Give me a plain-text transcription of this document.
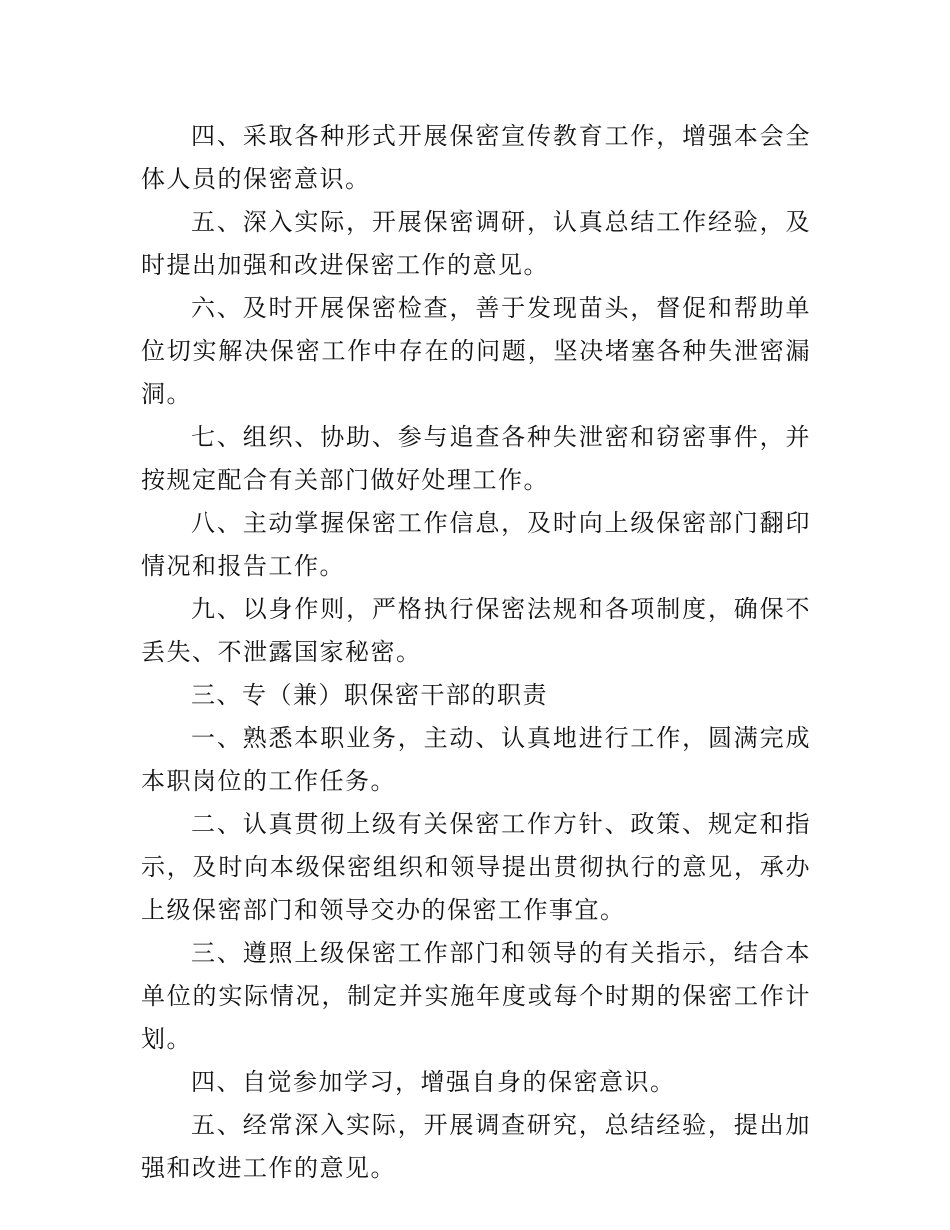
四、采取各种形式开展保密宣传教育工作，增强本会全体人员的保密意识。

五、深入实际，开展保密调研，认真总结工作经验，及时提出加强和改进保密工作的意见。

六、及时开展保密检查，善于发现苗头，督促和帮助单位切实解决保密工作中存在的问题，坚决堵塞各种失泄密漏洞。

七、组织、协助、参与追查各种失泄密和窃密事件，并按规定配合有关部门做好处理工作。

八、主动掌握保密工作信息，及时向上级保密部门翻印情况和报告工作。

九、以身作则，严格执行保密法规和各项制度，确保不丢失、不泄露国家秘密。

三、专（兼）职保密干部的职责

一、熟悉本职业务，主动、认真地进行工作，圆满完成本职岗位的工作任务。

二、认真贯彻上级有关保密工作方针、政策、规定和指示，及时向本级保密组织和领导提出贯彻执行的意见，承办上级保密部门和领导交办的保密工作事宜。

三、遵照上级保密工作部门和领导的有关指示，结合本单位的实际情况，制定并实施年度或每个时期的保密工作计划。

四、自觉参加学习，增强自身的保密意识。

五、经常深入实际，开展调查研究，总结经验，提出加强和改进工作的意见。
